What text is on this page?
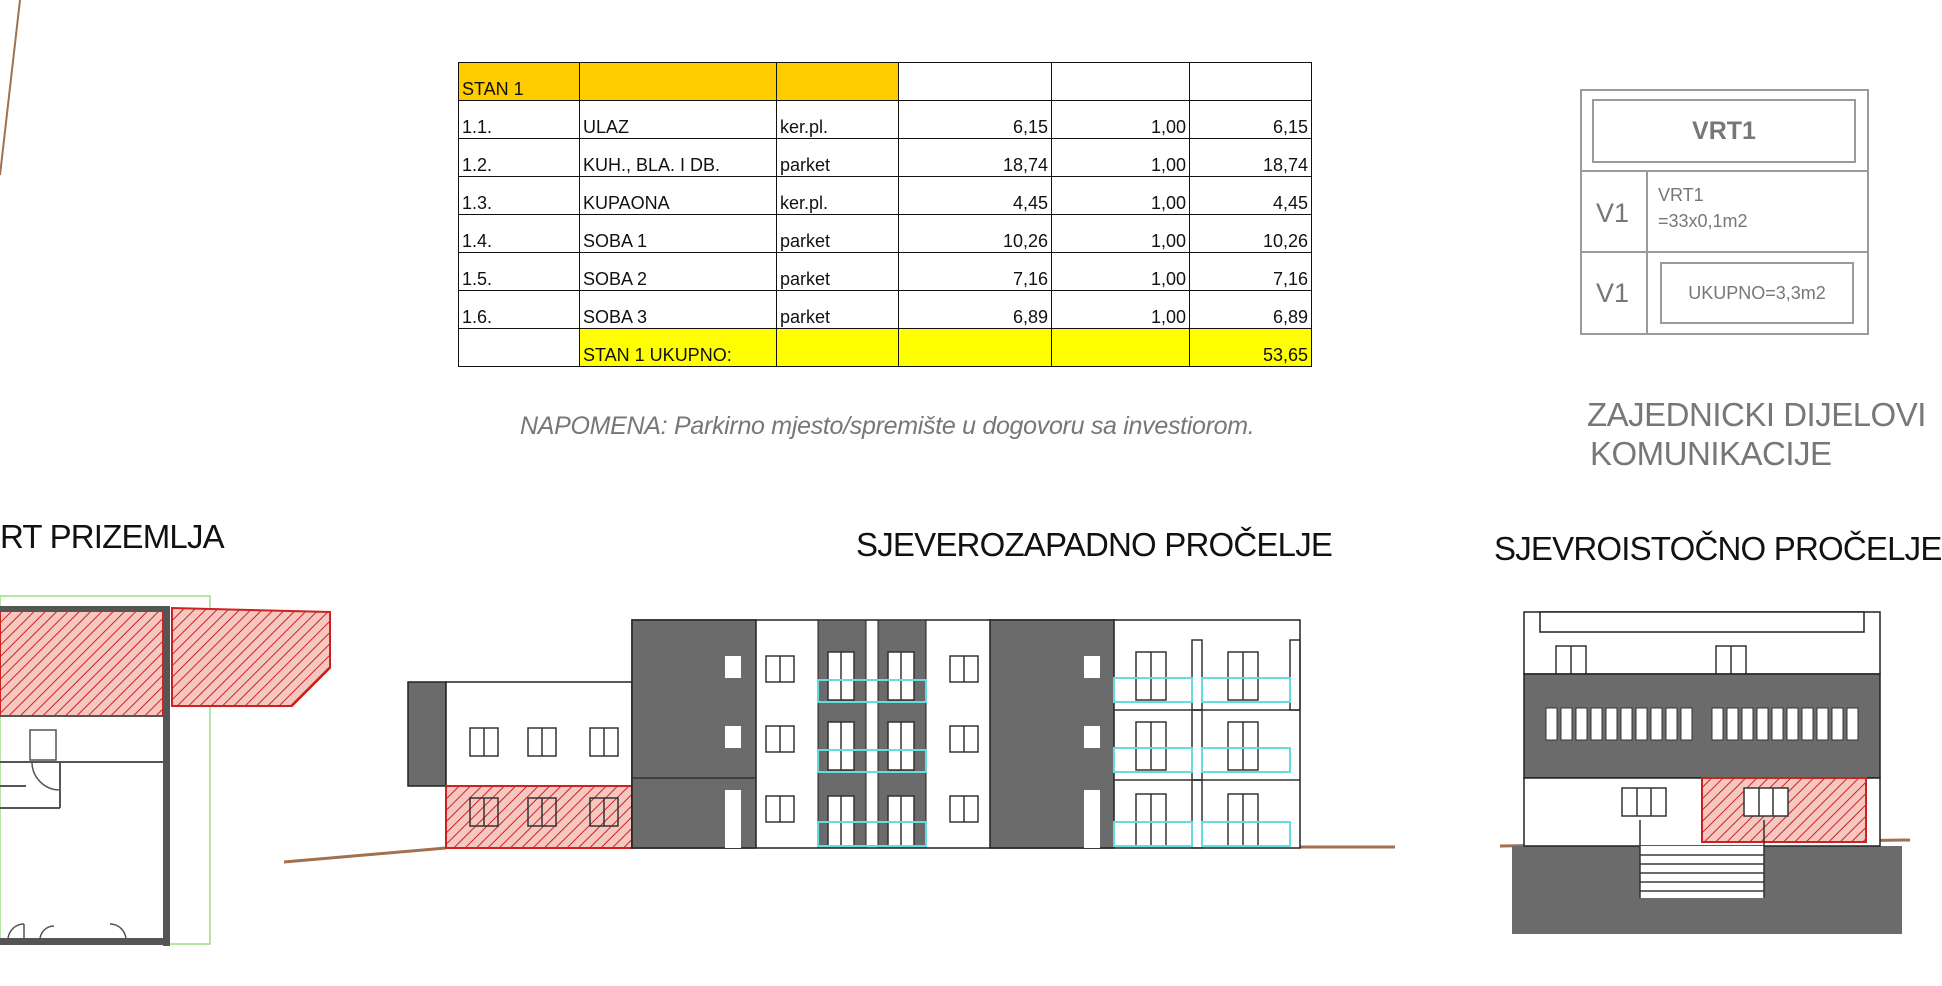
STAN 1					
1.1.	ULAZ	ker.pl.	6,15	1,00	6,15
1.2.	KUH., BLA. I DB.	parket	18,74	1,00	18,74
1.3.	KUPAONA	ker.pl.	4,45	1,00	4,45
1.4.	SOBA 1	parket	10,26	1,00	10,26
1.5.	SOBA 2	parket	7,16	1,00	7,16
1.6.	SOBA 3	parket	6,89	1,00	6,89
	STAN 1 UKUPNO:				53,65
NAPOMENA: Parkirno mjesto/spremište u dogovoru sa investiorom.
VRT1
V1
VRT1
=33x0,1m2
V1	UKUPNO=3,3m2
ZAJEDNICKI DIJELOVI
KOMUNIKACIJE
RT PRIZEMLJA	SJEVEROZAPADNO PROČELJE	SJEVROISTOČNO PROČELJE
